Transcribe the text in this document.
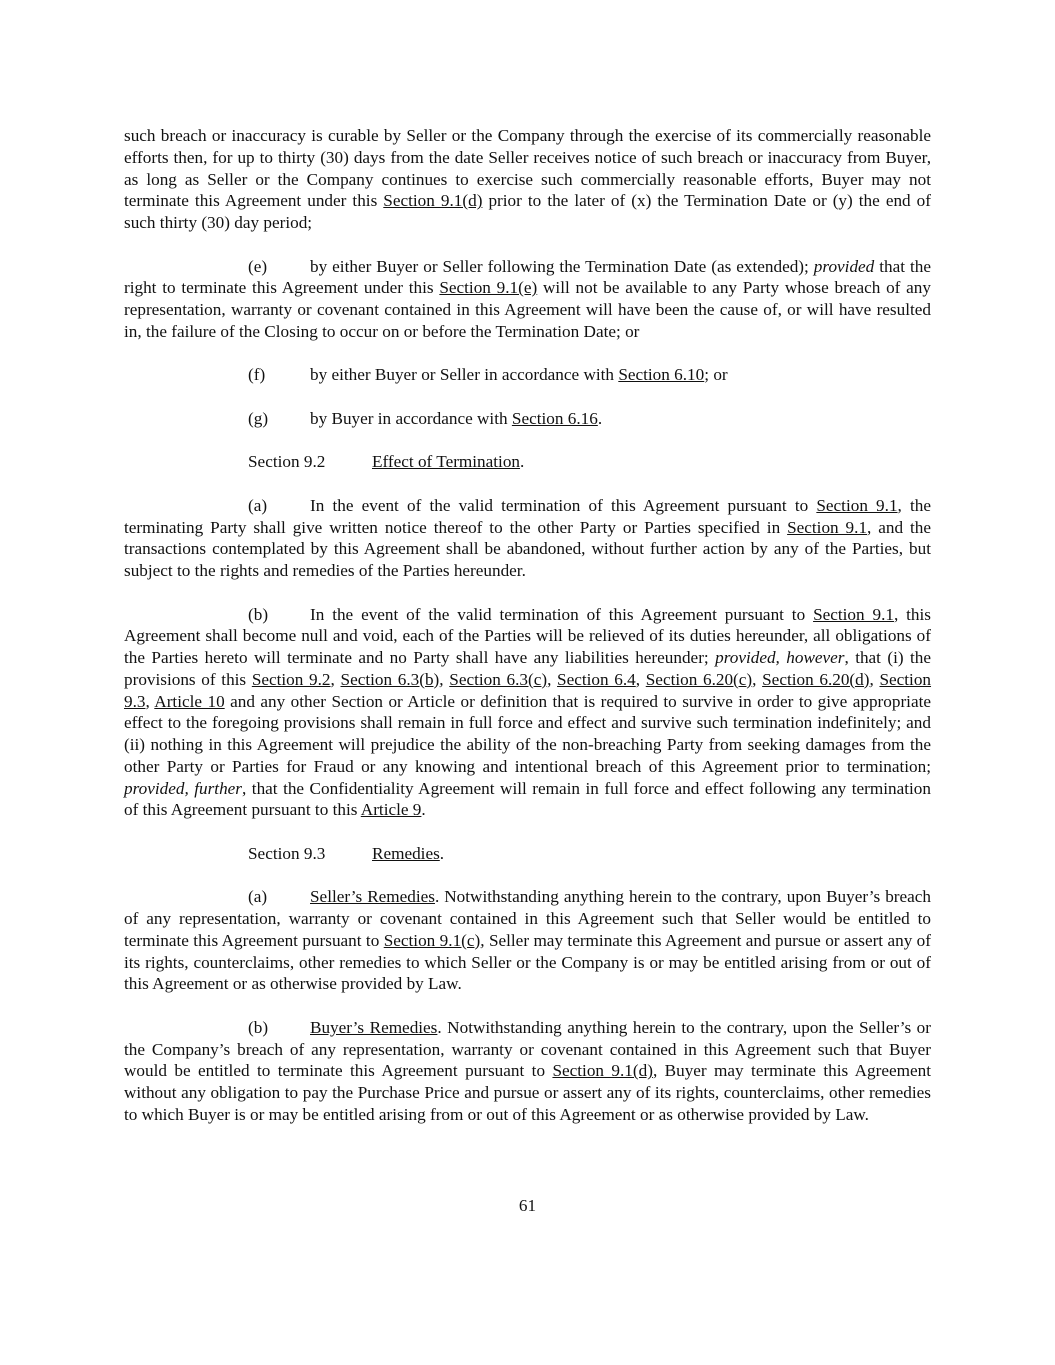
such breach or inaccuracy is curable by Seller or the Company through the exercise of its commercially reasonable efforts then, for up to thirty (30) days from the date Seller receives notice of such breach or inaccuracy from Buyer, as long as Seller or the Company continues to exercise such commercially reasonable efforts, Buyer may not terminate this Agreement under this Section 9.1(d) prior to the later of (x) the Termination Date or (y) the end of such thirty (30) day period;

(e) by either Buyer or Seller following the Termination Date (as extended); provided that the right to terminate this Agreement under this Section 9.1(e) will not be available to any Party whose breach of any representation, warranty or covenant contained in this Agreement will have been the cause of, or will have resulted in, the failure of the Closing to occur on or before the Termination Date; or

(f)	by either Buyer or Seller in accordance with Section 6.10; or

(g) by Buyer in accordance with Section 6.16.

Section 9.2	Effect of Termination.

(a) In the event of the valid termination of this Agreement pursuant to Section 9.1, the terminating Party shall give written notice thereof to the other Party or Parties specified in Section 9.1, and the transactions contemplated by this Agreement shall be abandoned, without further action by any of the Parties, but subject to the rights and remedies of the Parties hereunder.

(b) In the event of the valid termination of this Agreement pursuant to Section 9.1, this Agreement shall become null and void, each of the Parties will be relieved of its duties hereunder, all obligations of the Parties hereto will terminate and no Party shall have any liabilities hereunder; provided, however, that (i) the provisions of this Section 9.2, Section 6.3(b), Section 6.3(c), Section 6.4, Section 6.20(c), Section 6.20(d), Section 9.3, Article 10 and any other Section or Article or definition that is required to survive in order to give appropriate effect to the foregoing provisions shall remain in full force and effect and survive such termination indefinitely; and (ii) nothing in this Agreement will prejudice the ability of the non-breaching Party from seeking damages from the other Party or Parties for Fraud or any knowing and intentional breach of this Agreement prior to termination; provided, further, that the Confidentiality Agreement will remain in full force and effect following any termination of this Agreement pursuant to this Article 9.

Section 9.3	Remedies.

(a) Seller’s Remedies. Notwithstanding anything herein to the contrary, upon Buyer’s breach of any representation, warranty or covenant contained in this Agreement such that Seller would be entitled to terminate this Agreement pursuant to Section 9.1(c), Seller may terminate this Agreement and pursue or assert any of its rights, counterclaims, other remedies to which Seller or the Company is or may be entitled arising from or out of this Agreement or as otherwise provided by Law.

(b) Buyer’s Remedies. Notwithstanding anything herein to the contrary, upon the Seller’s or the Company’s breach of any representation, warranty or covenant contained in this Agreement such that Buyer would be entitled to terminate this Agreement pursuant to Section 9.1(d), Buyer may terminate this Agreement without any obligation to pay the Purchase Price and pursue or assert any of its rights, counterclaims, other remedies to which Buyer is or may be entitled arising from or out of this Agreement or as otherwise provided by Law.

61
